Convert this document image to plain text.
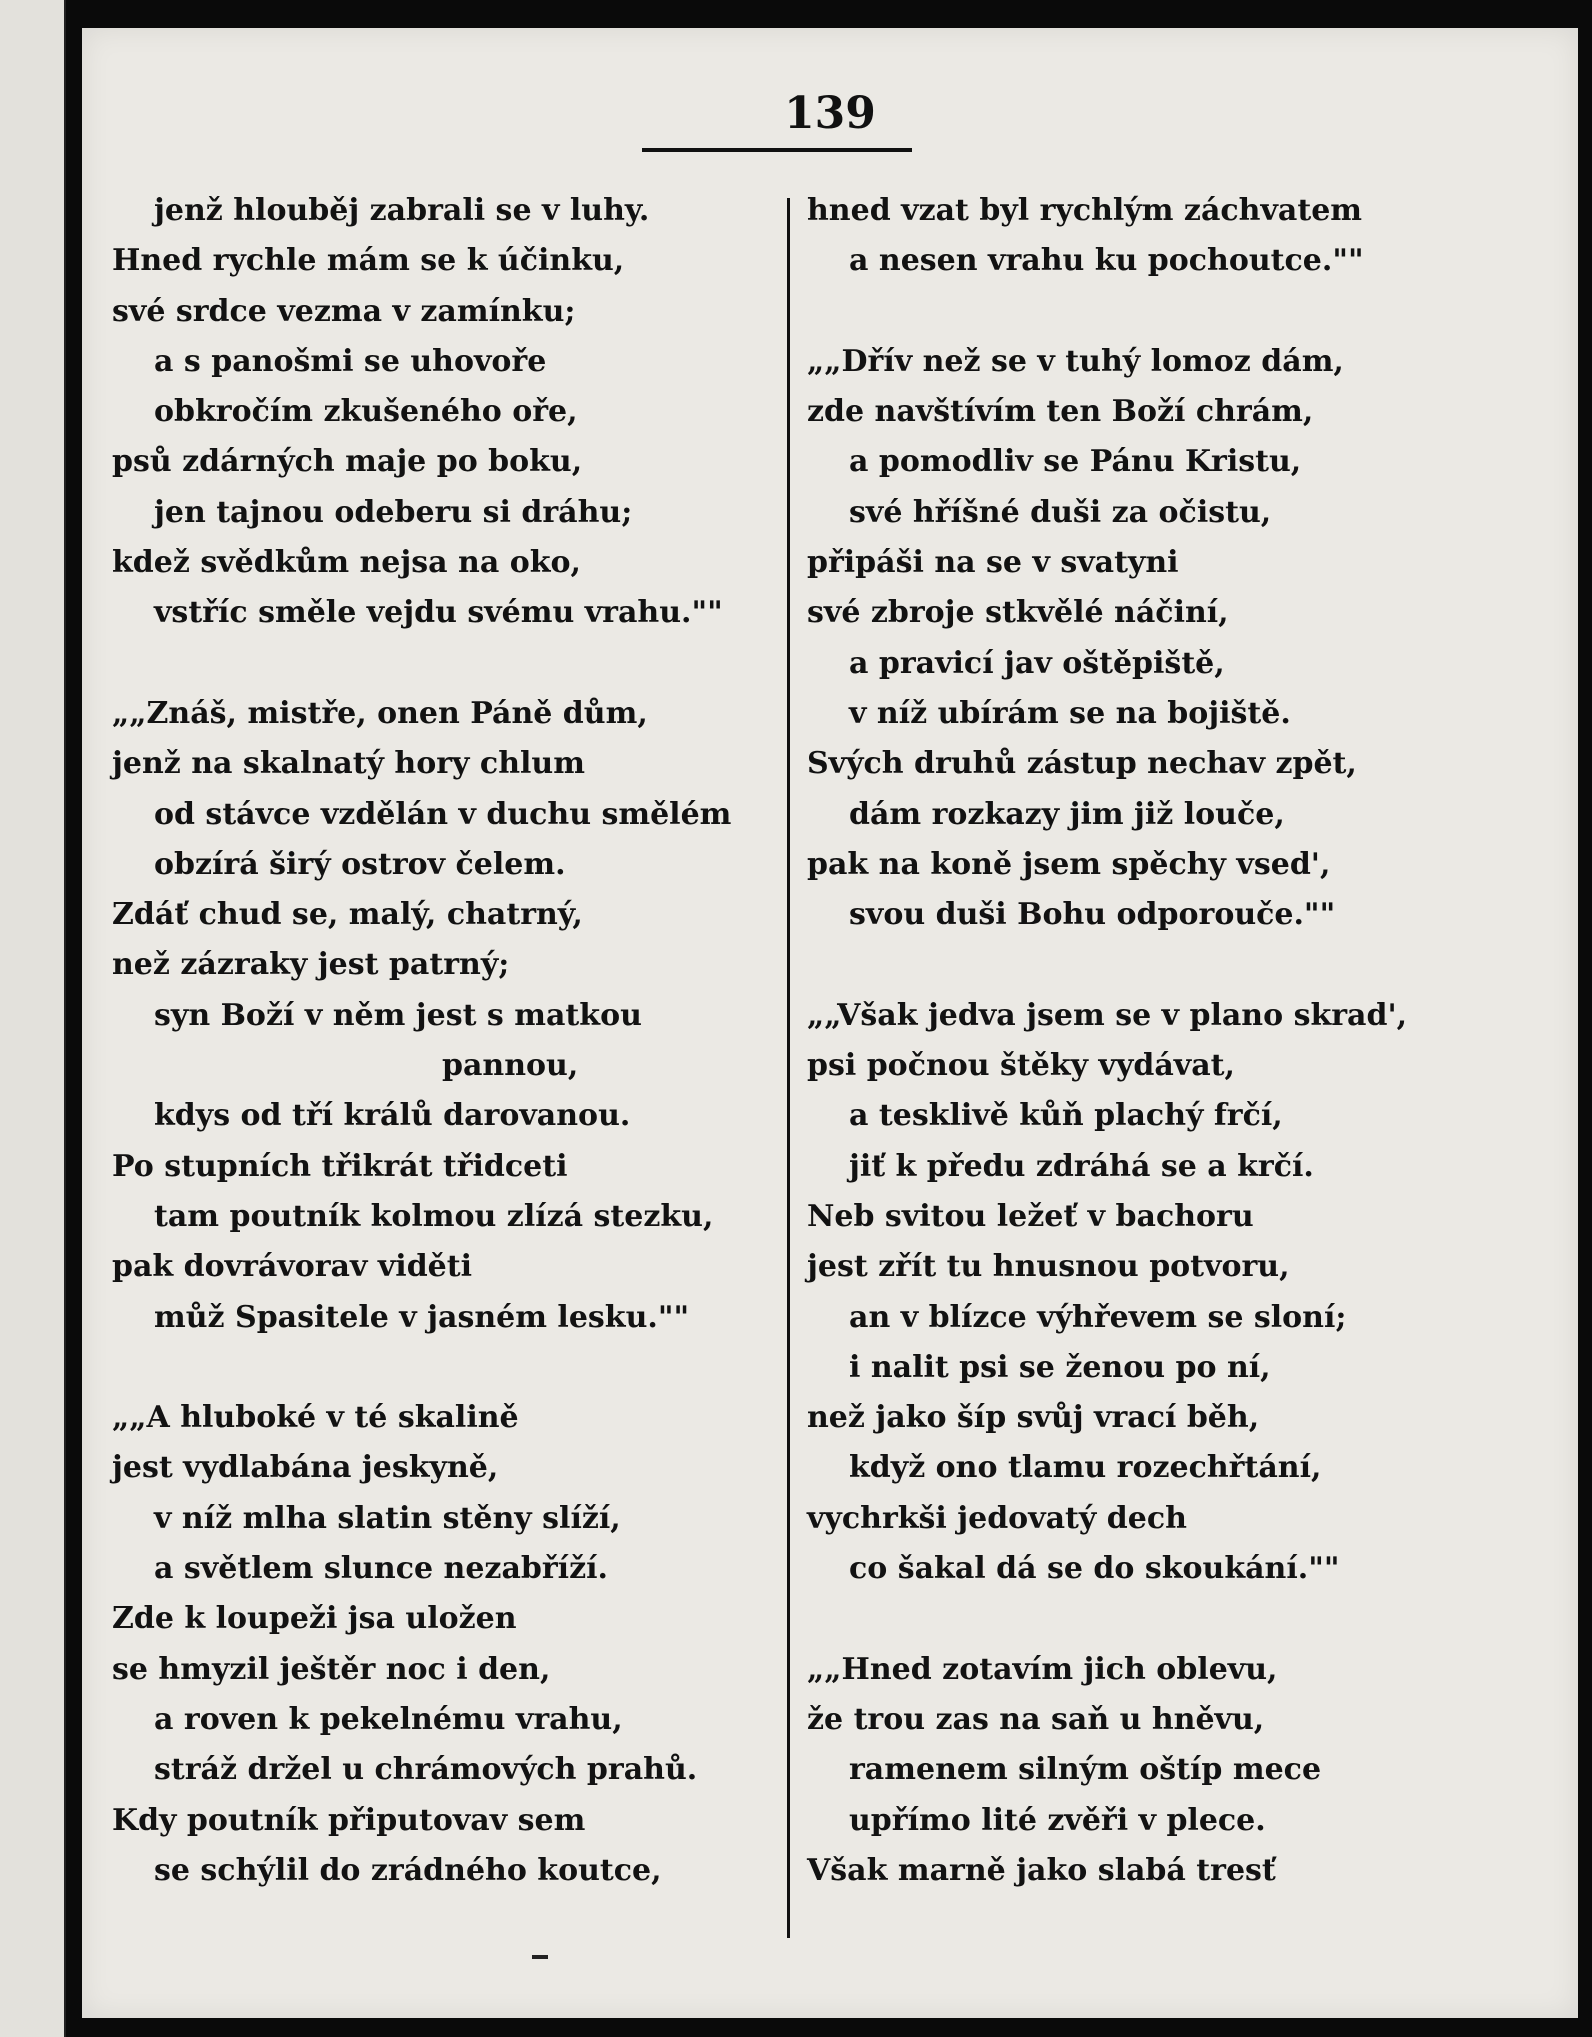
139
jenž hlouběj zabrali se v luhy.
Hned rychle mám se k účinku,
své srdce vezma v zamínku;
a s panošmi se uhovoře
obkročím zkušeného oře,
psů zdárných maje po boku,
jen tajnou odeberu si dráhu;
kdež svědkům nejsa na oko,
vstříc směle vejdu svému vrahu.""
„„Znáš, mistře, onen Páně dům,
jenž na skalnatý hory chlum
od stávce vzdělán v duchu smělém
obzírá širý ostrov čelem.
Zdáť chud se, malý, chatrný,
než zázraky jest patrný;
syn Boží v něm jest s matkou
pannou,
kdys od tří králů darovanou.
Po stupních třikrát třidceti
tam poutník kolmou zlízá stezku,
pak dovrávorav viděti
můž Spasitele v jasném lesku.""
„„A hluboké v té skalině
jest vydlabána jeskyně,
v níž mlha slatin stěny slíží,
a světlem slunce nezabříží.
Zde k loupeži jsa uložen
se hmyzil ještěr noc i den,
a roven k pekelnému vrahu,
stráž držel u chrámových prahů.
Kdy poutník připutovav sem
se schýlil do zrádného koutce,
hned vzat byl rychlým záchvatem
a nesen vrahu ku pochoutce.""
„„Dřív než se v tuhý lomoz dám,
zde navštívím ten Boží chrám,
a pomodliv se Pánu Kristu,
své hříšné duši za očistu,
připáši na se v svatyni
své zbroje stkvělé náčiní,
a pravicí jav oštěpiště,
v níž ubírám se na bojiště.
Svých druhů zástup nechav zpět,
dám rozkazy jim již louče,
pak na koně jsem spěchy vsed',
svou duši Bohu odporouče.""
„„Však jedva jsem se v plano skrad',
psi počnou štěky vydávat,
a tesklivě kůň plachý frčí,
jiť k předu zdráhá se a krčí.
Neb svitou ležeť v bachoru
jest zřít tu hnusnou potvoru,
an v blízce výhřevem se sloní;
i nalit psi se ženou po ní,
než jako šíp svůj vrací běh,
když ono tlamu rozechřtání,
vychrkši jedovatý dech
co šakal dá se do skoukání.""
„„Hned zotavím jich oblevu,
že trou zas na saň u hněvu,
ramenem silným oštíp mece
upřímo lité zvěři v plece.
Však marně jako slabá tresť
